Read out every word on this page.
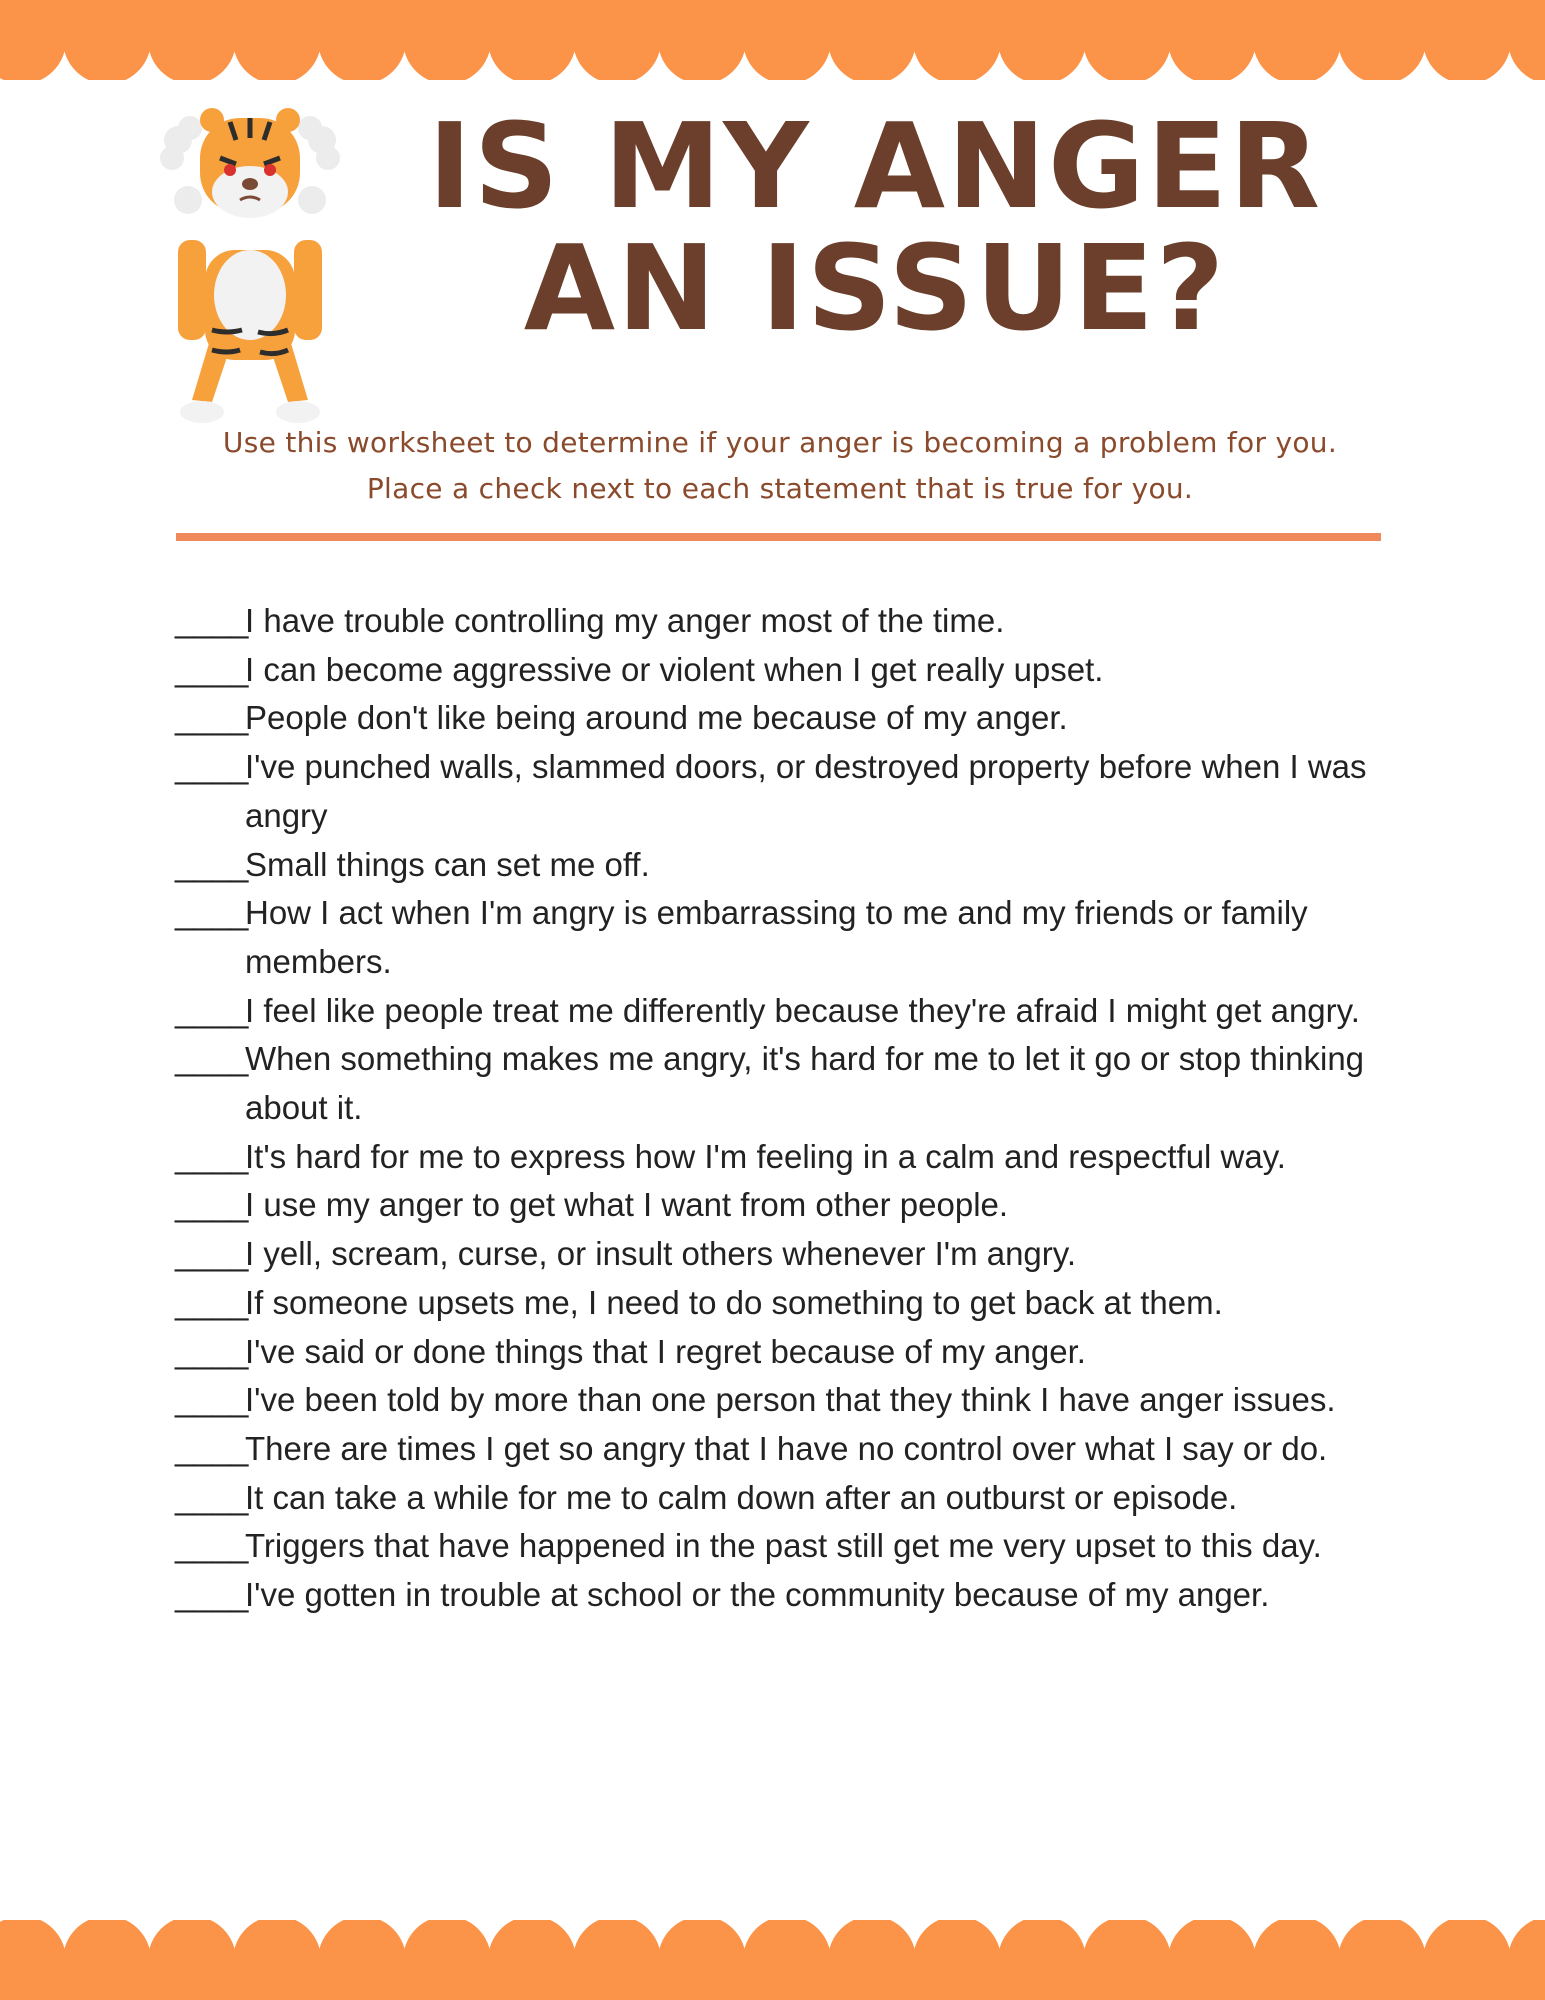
IS MY ANGER
AN ISSUE?
Use this worksheet to determine if your anger is becoming a problem for you.
Place a check next to each statement that is true for you.
____
I have trouble controlling my anger most of the time.
____
I can become aggressive or violent when I get really upset.
____
People don't like being around me because of my anger.
____
I've punched walls, slammed doors, or destroyed property before when I was angry
____
Small things can set me off.
____
How I act when I'm angry is embarrassing to me and my friends or family members.
____
I feel like people treat me differently because they're afraid I might get angry.
____
When something makes me angry, it's hard for me to let it go or stop thinking about it.
____
It's hard for me to express how I'm feeling in a calm and respectful way.
____
I use my anger to get what I want from other people.
____
I yell, scream, curse, or insult others whenever I'm angry.
____
If someone upsets me, I need to do something to get back at them.
____
I've said or done things that I regret because of my anger.
____
I've been told by more than one person that they think I have anger issues.
____
There are times I get so angry that I have no control over what I say or do.
____
It can take a while for me to calm down after an outburst or episode.
____
Triggers that have happened in the past still get me very upset to this day.
____
I've gotten in trouble at school or the community because of my anger.
